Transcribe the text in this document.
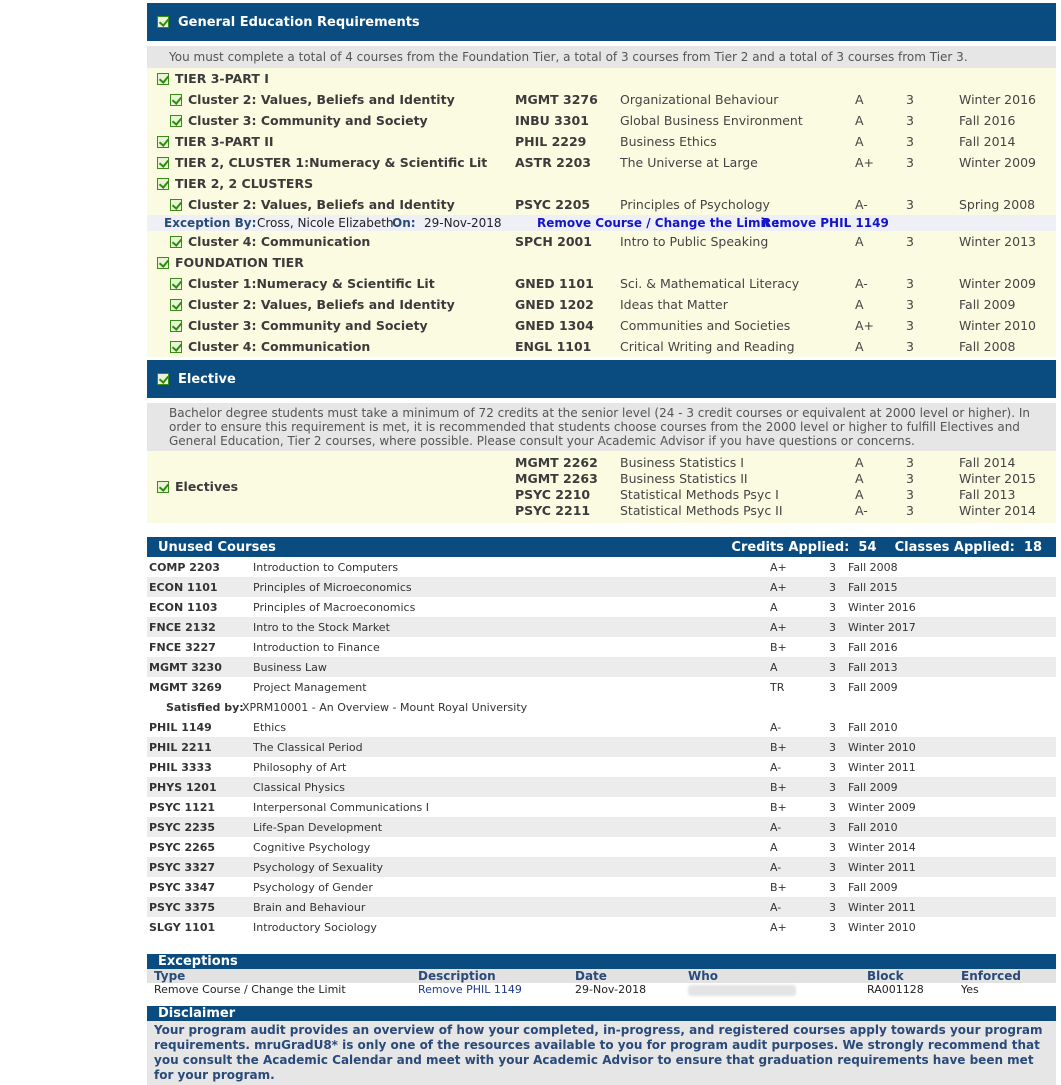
General Education Requirements
You must complete a total of 4 courses from the Foundation Tier, a total of 3 courses from Tier 2 and a total of 3 courses from Tier 3.
TIER 3-PART I
Cluster 2: Values, Beliefs and Identity	MGMT 3276 Organizational Behaviour	A	3	Winter 2016
Cluster 3: Community and Society	INBU 3301 Global Business Environment	A	3	Fall 2016
TIER 3-PART II	PHIL 2229	Business Ethics	A	3	Fall 2014
TIER 2, CLUSTER 1:Numeracy & Scientific Lit ASTR 2203 The Universe at Large	A+	3	Winter 2009
TIER 2, 2 CLUSTERS
Cluster 2: Values, Beliefs and Identity	PSYC 2205 Principles of Psychology	A-	3	Spring 2008
Exception By: Cross, Nicole Elizabeth
On: 29-Nov-2018	Remove Course / Change the Limit :
Remove PHIL 1149
Cluster 4: Communication	SPCH 2001 Intro to Public Speaking	A	3	Winter 2013
FOUNDATION TIER
Cluster 1:Numeracy & Scientific Lit	GNED 1101 Sci. & Mathematical Literacy	A-	3	Winter 2009
Cluster 2: Values, Beliefs and Identity	GNED 1202 Ideas that Matter	A	3	Fall 2009
Cluster 3: Community and Society	GNED 1304 Communities and Societies	A+	3	Winter 2010
Cluster 4: Communication	ENGL 1101 Critical Writing and Reading	A	3	Fall 2008
Elective
Bachelor degree students must take a minimum of 72 credits at the senior level (24 - 3 credit courses or equivalent at 2000 level or higher). In order to ensure this requirement is met, it is recommended that students choose courses from the 2000 level or higher to fulfill Electives and General Education, Tier 2 courses, where possible. Please consult your Academic Advisor if you have questions or concerns.
Electives
MGMT 2262 Business Statistics I	A	3	Fall 2014
MGMT 2263 Business Statistics II	A	3	Winter 2015
PSYC 2210 Statistical Methods Psyc I	A	3	Fall 2013
PSYC 2211 Statistical Methods Psyc II	A-	3	Winter 2014
Unused Courses	Credits Applied: 54 Classes Applied: 18
COMP 2203	Introduction to Computers	A+	3 Fall 2008
ECON 1101	Principles of Microeconomics	A+	3 Fall 2015
ECON 1103	Principles of Macroeconomics	A	3 Winter 2016
FNCE 2132	Intro to the Stock Market	A+	3 Winter 2017
FNCE 3227	Introduction to Finance	B+	3 Fall 2016
MGMT 3230	Business Law	A	3 Fall 2013
MGMT 3269	Project Management	TR	3 Fall 2009
Satisfied by:
XPRM10001 - An Overview - Mount Royal University
PHIL 1149	Ethics	A-	3 Fall 2010
PHIL 2211	The Classical Period	B+	3 Winter 2010
PHIL 3333	Philosophy of Art	A-	3 Winter 2011
PHYS 1201	Classical Physics	B+	3 Fall 2009
PSYC 1121	Interpersonal Communications I	B+	3 Winter 2009
PSYC 2235	Life-Span Development	A-	3 Fall 2010
PSYC 2265	Cognitive Psychology	A	3 Winter 2014
PSYC 3327	Psychology of Sexuality	A-	3 Winter 2011
PSYC 3347	Psychology of Gender	B+	3 Fall 2009
PSYC 3375	Brain and Behaviour	A-	3 Winter 2011
SLGY 1101	Introductory Sociology	A+	3 Winter 2010
Exceptions
Type	Description	Date	Who	Block	Enforced
Remove Course / Change the Limit	Remove PHIL 1149	29-Nov-2018	RA001128	Yes
Disclaimer
Your program audit provides an overview of how your completed, in-progress, and registered courses apply towards your program requirements. mruGradU8* is only one of the resources available to you for program audit purposes. We strongly recommend that you consult the Academic Calendar and meet with your Academic Advisor to ensure that graduation requirements have been met for your program.
